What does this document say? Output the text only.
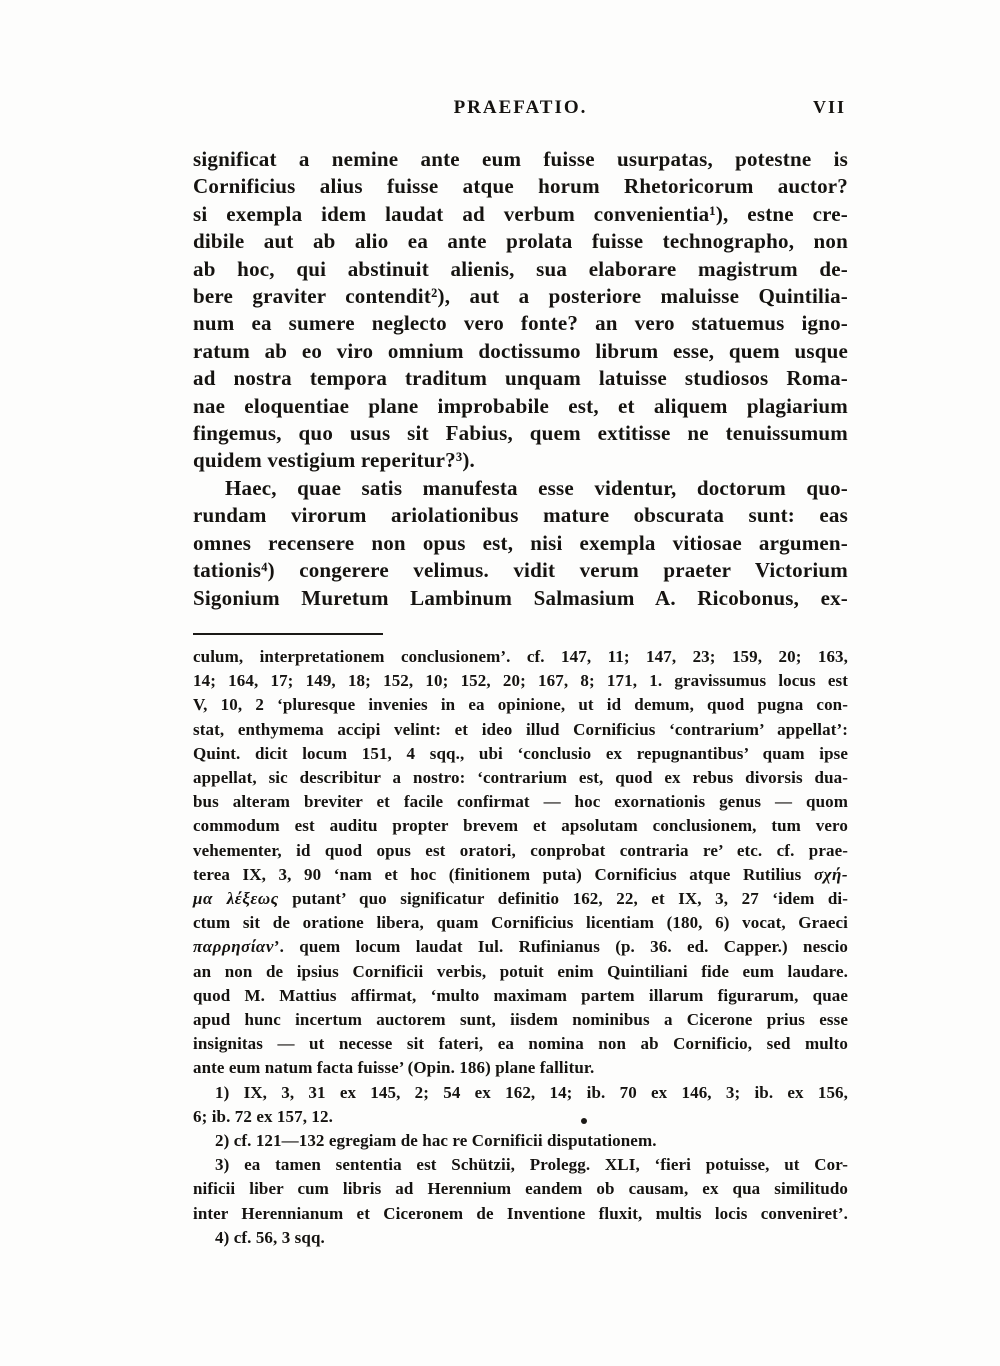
PRAEFATIO.	VII
significat a nemine ante eum fuisse usurpatas, potestne is
Cornificius alius fuisse atque horum Rhetoricorum auctor?
si exempla idem laudat ad verbum convenientia¹), estne cre-
dibile aut ab alio ea ante prolata fuisse technographo, non
ab hoc, qui abstinuit alienis, sua elaborare magistrum de-
bere graviter contendit²), aut a posteriore maluisse Quintilia-
num ea sumere neglecto vero fonte? an vero statuemus igno-
ratum ab eo viro omnium doctissumo librum esse, quem usque
ad nostra tempora traditum unquam latuisse studiosos Roma-
nae eloquentiae plane improbabile est, et aliquem plagiarium
fingemus, quo usus sit Fabius, quem extitisse ne tenuissumum
quidem vestigium reperitur?³).
Haec, quae satis manufesta esse videntur, doctorum quo-
rundam virorum ariolationibus mature obscurata sunt: eas
omnes recensere non opus est, nisi exempla vitiosae argumen-
tationis⁴) congerere velimus. vidit verum praeter Victorium
Sigonium Muretum Lambinum Salmasium A. Ricobonus, ex-
culum, interpretationem conclusionem’. cf. 147, 11; 147, 23; 159, 20; 163,
14; 164, 17; 149, 18; 152, 10; 152, 20; 167, 8; 171, 1. gravissumus locus est
V, 10, 2 ‘pluresque invenies in ea opinione, ut id demum, quod pugna con-
stat, enthymema accipi velint: et ideo illud Cornificius ‘contrarium’ appellat’:
Quint. dicit locum 151, 4 sqq., ubi ‘conclusio ex repugnantibus’ quam ipse
appellat, sic describitur a nostro: ‘contrarium est, quod ex rebus divorsis dua-
bus alteram breviter et facile confirmat — hoc exornationis genus — quom
commodum est auditu propter brevem et apsolutam conclusionem, tum vero
vehementer, id quod opus est oratori, conprobat contraria re’ etc. cf. prae-
terea IX, 3, 90 ‘nam et hoc (finitionem puta) Cornificius atque Rutilius σχή-
μα λέξεως putant’ quo significatur definitio 162, 22, et IX, 3, 27 ‘idem di-
ctum sit de oratione libera, quam Cornificius licentiam (180, 6) vocat, Graeci
παρρησίαν’. quem locum laudat Iul. Rufinianus (p. 36. ed. Capper.) nescio
an non de ipsius Cornificii verbis, potuit enim Quintiliani fide eum laudare.
quod M. Mattius affirmat, ‘multo maximam partem illarum figurarum, quae
apud hunc incertum auctorem sunt, iisdem nominibus a Cicerone prius esse
insignitas — ut necesse sit fateri, ea nomina non ab Cornificio, sed multo
ante eum natum facta fuisse’ (Opin. 186) plane fallitur.
1) IX, 3, 31 ex 145, 2; 54 ex 162, 14; ib. 70 ex 146, 3; ib. ex 156,
6; ib. 72 ex 157, 12.
2) cf. 121—132 egregiam de hac re Cornificii disputationem.
3) ea tamen sententia est Schützii, Prolegg. XLI, ‘fieri potuisse, ut Cor-
nificii liber cum libris ad Herennium eandem ob causam, ex qua similitudo
inter Herennianum et Ciceronem de Inventione fluxit, multis locis conveniret’.
4) cf. 56, 3 sqq.
